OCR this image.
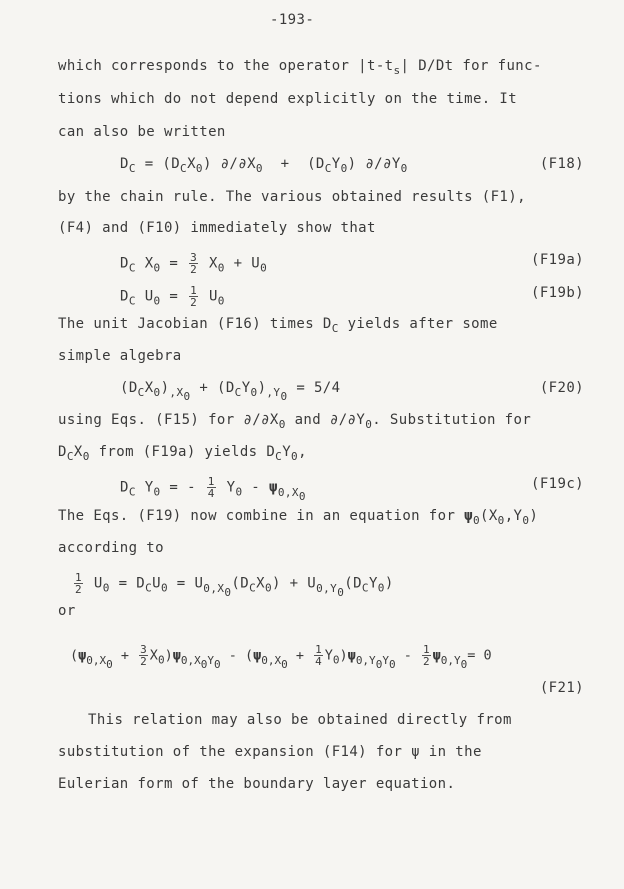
-193-
which corresponds to the operator $|t-t_s|$ D/Dt for func-
tions which do not depend explicitly on the time. It
can also be written
$D_C = (D_CX_0) \partial/\partial X_0 + (D_CY_0)$ $\partial/\partial Y_0$	(F18)
by the chain rule. The various obtained results (F1),
(F4) and (F10) immediately show that
$D_C$ $X_0 = \frac{3}{2} X_0 + U_0$	(F19a)
$D_C$ $U_0 = \frac{1}{2} U_0$	(F19b)
The unit Jacobian (F16) times $D_C$ yields after some
simple algebra
$(D_CX_0)_{,X_0} + (D_CY_0)_{,Y_0} = 5/4$	(F20)
using Eqs. (F15) for $\partial/\partial X_0$ and $\partial/\partial Y_0$. Substitution for
$D_CX_0$ from (F19a) yields $D_CY_0$,
$D_C$ $Y_0$ = - $\frac{1}{4} Y_0 - \psi_{0,X_0}$
(F19c)
The Eqs. (F19) now combine in an equation for $\psi_0(X_0,Y_0)$
according to
$\frac{1}{2} U_0 = D_CU_0 = U_{0,X_0}(D_CX_0) + U_{0,Y_0}(D_CY_0)$
or
$(\psi_{0,X_0} + \frac{3}{2} X_0)\psi_{0,X_0Y_0} - (\psi_{0,X_0} + \frac{1}{4} Y_0)\psi_{0,Y_0Y_0} - \frac{1}{2} \psi_{0,Y_0}= 0$
(F21)
This relation may also be obtained directly from
substitution of the expansion (F14) for ψ in the
Eulerian form of the boundary layer equation.
